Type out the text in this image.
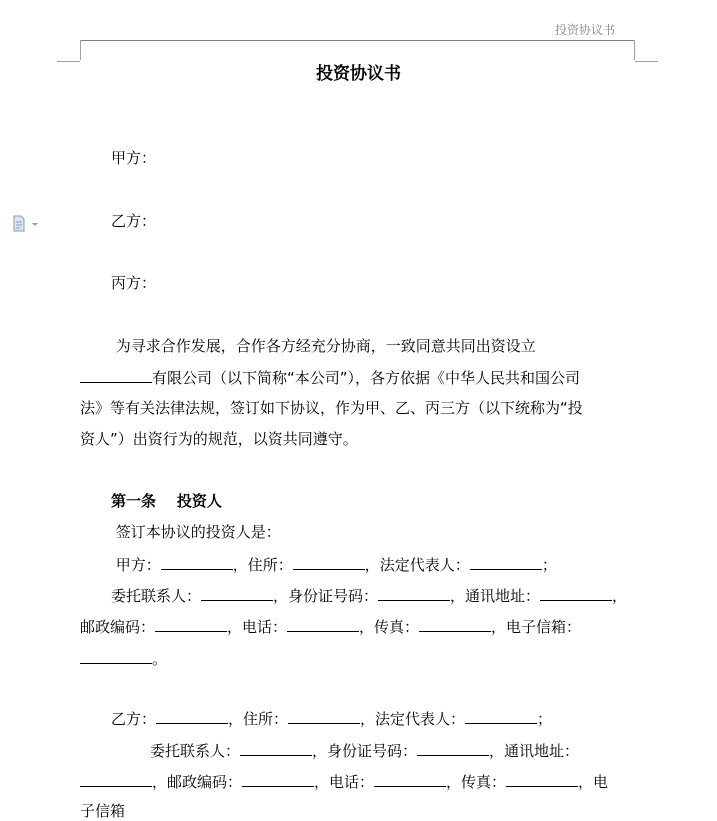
投资协议书
投资协议书
甲方：
乙方：
丙方：
为寻求合作发展，合作各方经充分协商，一致同意共同出资设立
有限公司（以下简称“本公司”），各方依据《中华人民共和国公司
法》等有关法律法规，签订如下协议，作为甲、乙、丙三方（以下统称为“投
资人”）出资行为的规范，以资共同遵守。
第一条    投资人
签订本协议的投资人是：
甲方：	，住所：	，法定代表人：	；
委托联系人：	，身份证号码：	，通讯地址：	，
邮政编码：	，电话：	，传真：	，电子信箱：
。
乙方：	，住所：	，法定代表人：	；
委托联系人：	，身份证号码：	，通讯地址：
，邮政编码：	，电话：	，传真：	，电
子信箱
